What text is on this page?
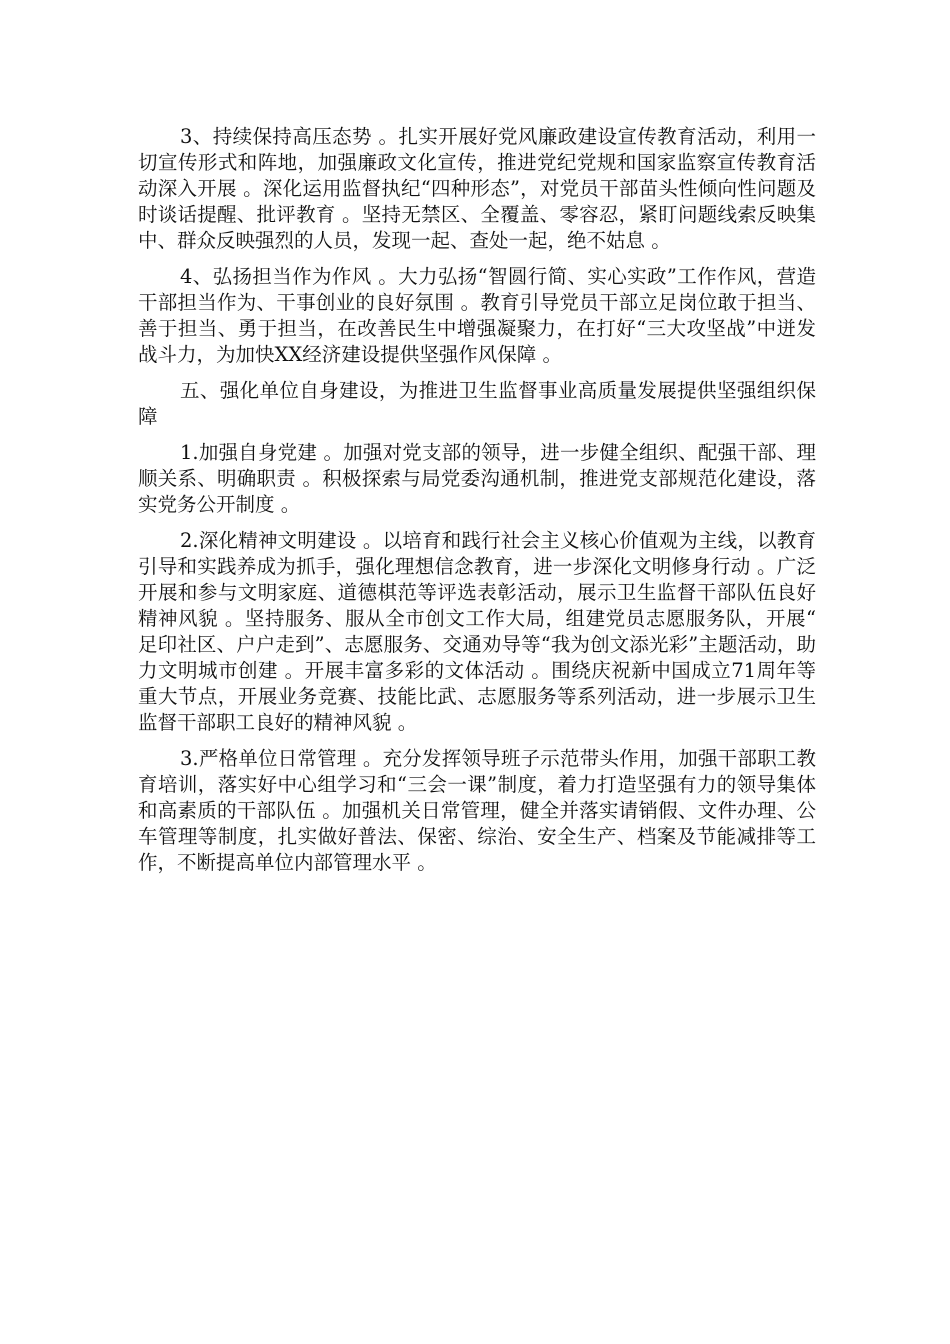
3、持续保持高压态势 。扎实开展好党风廉政建设宣传教育活动，利用一切宣传形式和阵地，加强廉政文化宣传，推进党纪党规和国家监察宣传教育活动深入开展 。深化运用监督执纪“四种形态”，对党员干部苗头性倾向性问题及时谈话提醒、批评教育 。坚持无禁区、全覆盖、零容忍，紧盯问题线索反映集中、群众反映强烈的人员，发现一起、查处一起，绝不姑息 。

4、弘扬担当作为作风 。大力弘扬“智圆行简、实心实政”工作作风，营造干部担当作为、干事创业的良好氛围 。教育引导党员干部立足岗位敢于担当、善于担当、勇于担当，在改善民生中增强凝聚力，在打好“三大攻坚战”中迸发战斗力，为加快XX经济建设提供坚强作风保障 。

五、强化单位自身建设，为推进卫生监督事业高质量发展提供坚强组织保障

1.加强自身党建 。加强对党支部的领导，进一步健全组织、配强干部、理顺关系、明确职责 。积极探索与局党委沟通机制，推进党支部规范化建设，落实党务公开制度 。

2.深化精神文明建设 。以培育和践行社会主义核心价值观为主线，以教育引导和实践养成为抓手，强化理想信念教育，进一步深化文明修身行动 。广泛开展和参与文明家庭、道德棋范等评选表彰活动，展示卫生监督干部队伍良好精神风貌 。坚持服务、服从全市创文工作大局，组建党员志愿服务队，开展“足印社区、户户走到”、志愿服务、交通劝导等“我为创文添光彩”主题活动，助力文明城市创建 。开展丰富多彩的文体活动 。围绕庆祝新中国成立71周年等重大节点，开展业务竞赛、技能比武、志愿服务等系列活动，进一步展示卫生监督干部职工良好的精神风貌 。

3.严格单位日常管理 。充分发挥领导班子示范带头作用，加强干部职工教育培训，落实好中心组学习和“三会一课”制度，着力打造坚强有力的领导集体和高素质的干部队伍 。加强机关日常管理，健全并落实请销假、文件办理、公车管理等制度，扎实做好普法、保密、综治、安全生产、档案及节能减排等工作，不断提高单位内部管理水平 。
